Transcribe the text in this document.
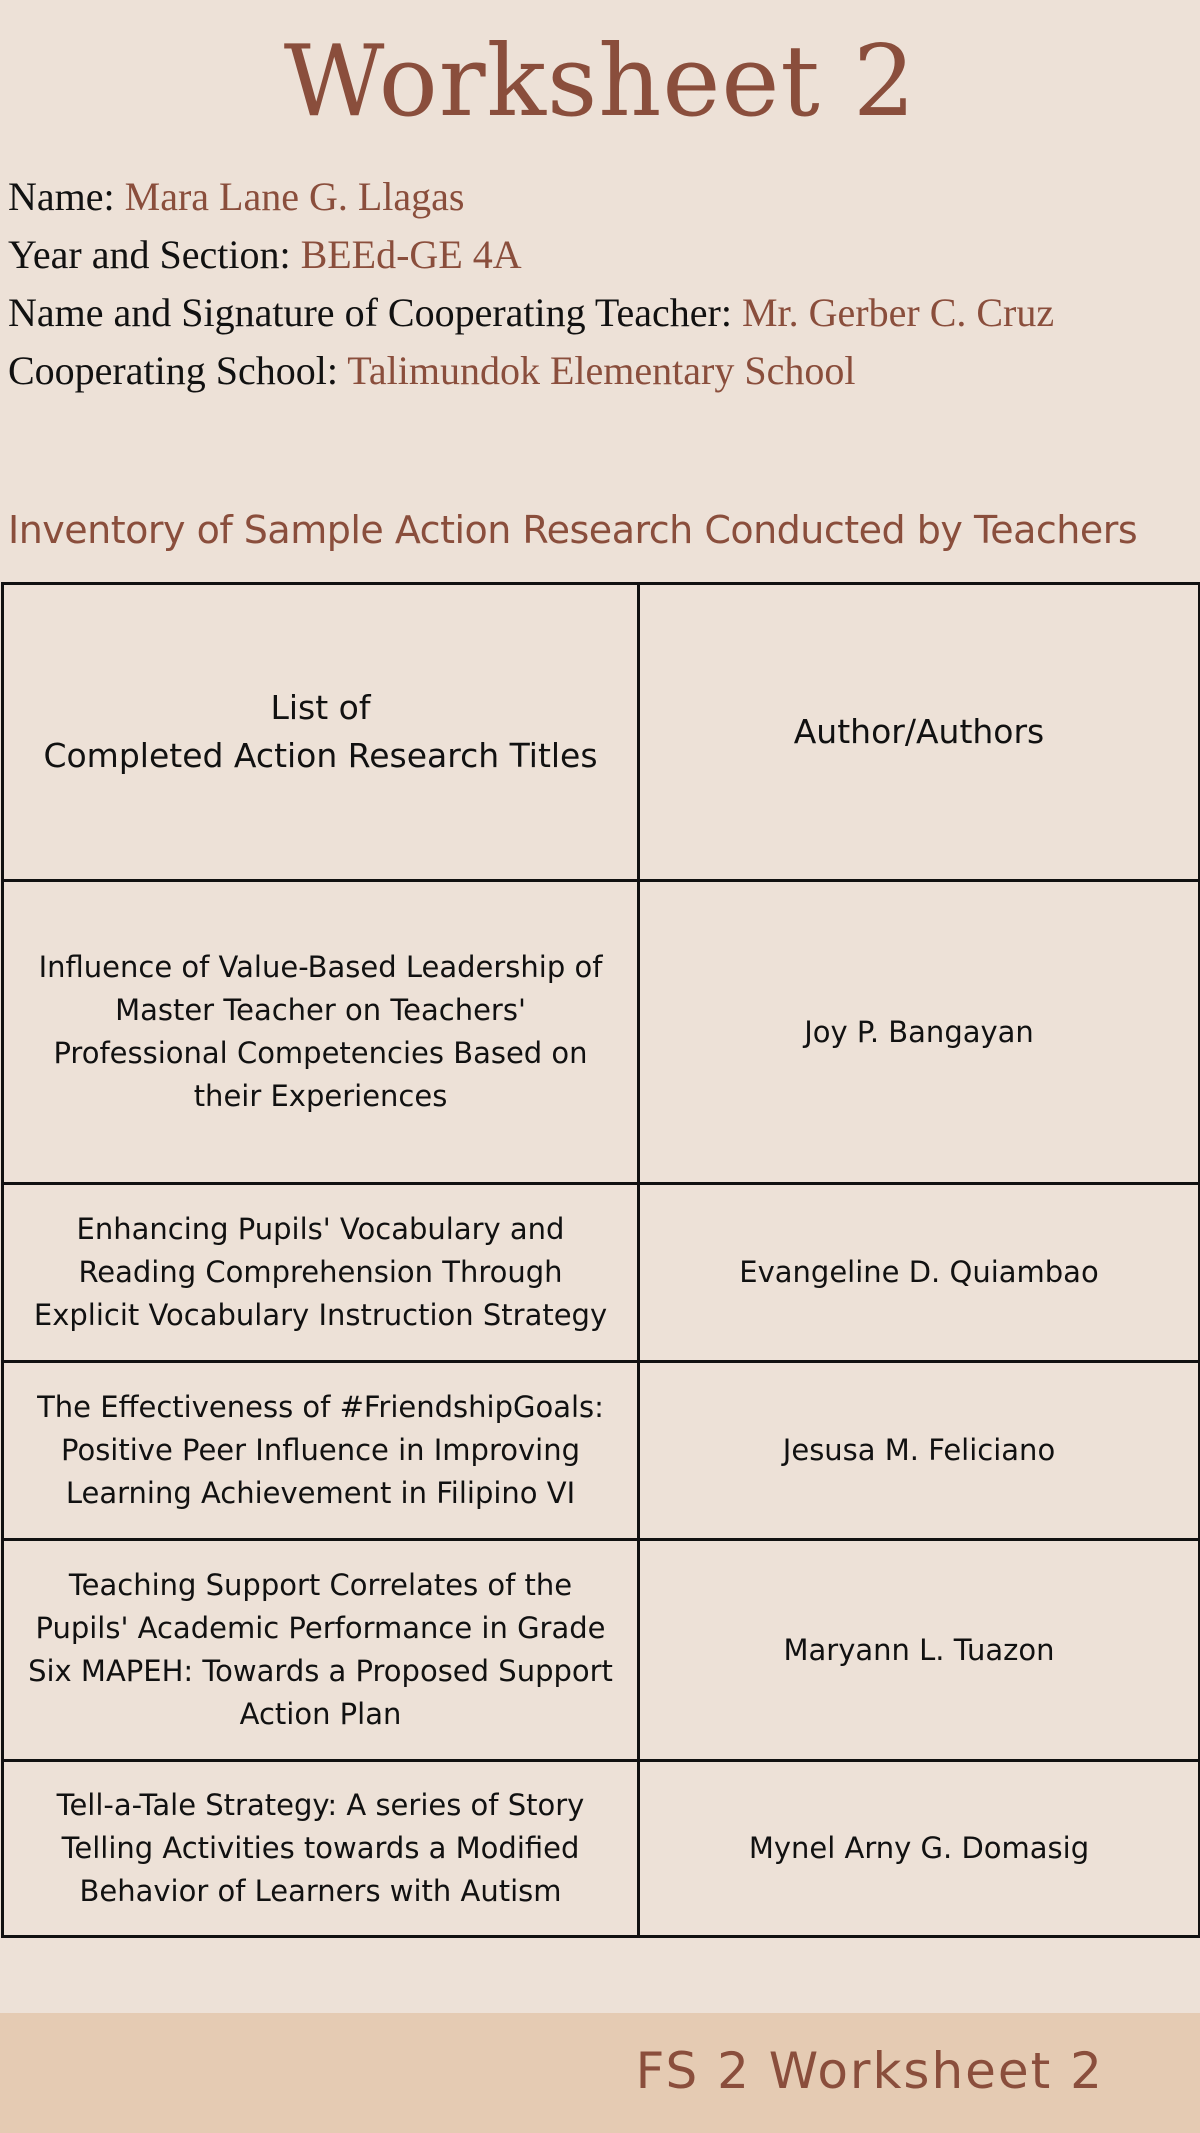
Worksheet 2
Name: Mara Lane G. Llagas
Year and Section: BEEd-GE 4A
Name and Signature of Cooperating Teacher: Mr. Gerber C. Cruz
Cooperating School: Talimundok Elementary School
Inventory of Sample Action Research Conducted by Teachers
List of
Completed Action Research Titles	Author/Authors
Influence of Value-Based Leadership of Master Teacher on Teachers' Professional Competencies Based on their Experiences	Joy P. Bangayan
Enhancing Pupils' Vocabulary and Reading Comprehension Through Explicit Vocabulary Instruction Strategy	Evangeline D. Quiambao
The Effectiveness of #FriendshipGoals: Positive Peer Influence in Improving Learning Achievement in Filipino VI	Jesusa M. Feliciano
Teaching Support Correlates of the Pupils' Academic Performance in Grade Six MAPEH: Towards a Proposed Support Action Plan	Maryann L. Tuazon
Tell-a-Tale Strategy: A series of Story Telling Activities towards a Modified Behavior of Learners with Autism	Mynel Arny G. Domasig
FS 2 Worksheet 2
